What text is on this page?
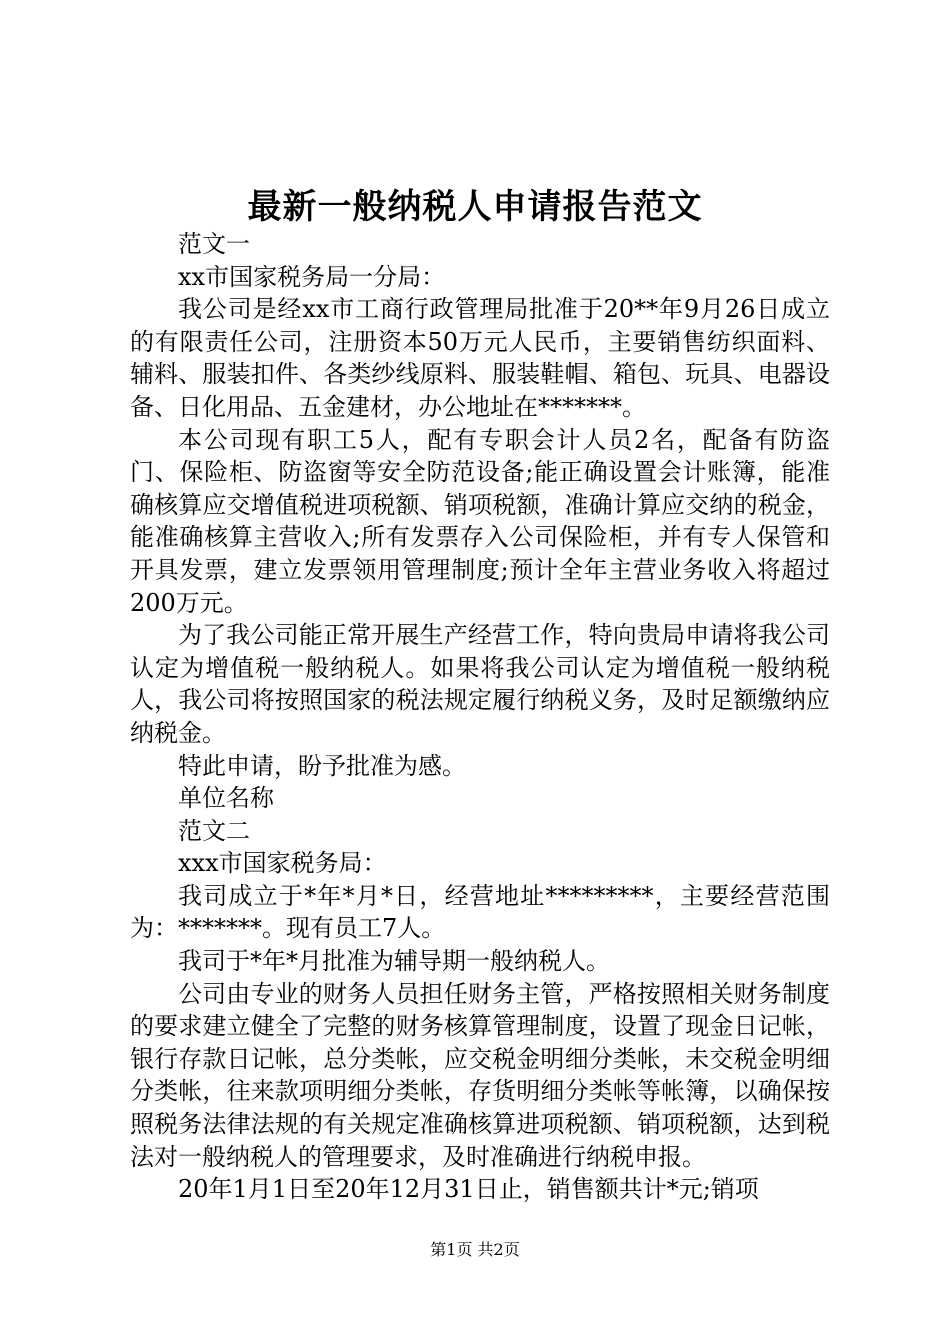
最新一般纳税人申请报告范文

范文一

xx市国家税务局一分局：

我公司是经xx市工商行政管理局批准于20**年9月26日成立的有限责任公司，注册资本50万元人民币，主要销售纺织面料、辅料、服装扣件、各类纱线原料、服装鞋帽、箱包、玩具、电器设备、日化用品、五金建材，办公地址在*******。

本公司现有职工5人，配有专职会计人员2名，配备有防盗门、保险柜、防盗窗等安全防范设备;能正确设置会计账簿，能准确核算应交增值税进项税额、销项税额，准确计算应交纳的税金，能准确核算主营收入;所有发票存入公司保险柜，并有专人保管和开具发票，建立发票领用管理制度;预计全年主营业务收入将超过200万元。

为了我公司能正常开展生产经营工作，特向贵局申请将我公司认定为增值税一般纳税人。如果将我公司认定为增值税一般纳税人，我公司将按照国家的税法规定履行纳税义务，及时足额缴纳应纳税金。

特此申请，盼予批准为感。

单位名称

范文二

xxx市国家税务局：

我司成立于*年*月*日，经营地址*********，主要经营范围为：*******。现有员工7人。

我司于*年*月批准为辅导期一般纳税人。

公司由专业的财务人员担任财务主管，严格按照相关财务制度的要求建立健全了完整的财务核算管理制度，设置了现金日记帐，银行存款日记帐，总分类帐，应交税金明细分类帐，未交税金明细分类帐，往来款项明细分类帐，存货明细分类帐等帐簿，以确保按照税务法律法规的有关规定准确核算进项税额、销项税额，达到税法对一般纳税人的管理要求，及时准确进行纳税申报。

20年1月1日至20年12月31日止，销售额共计*元;销项

第1页 共2页
